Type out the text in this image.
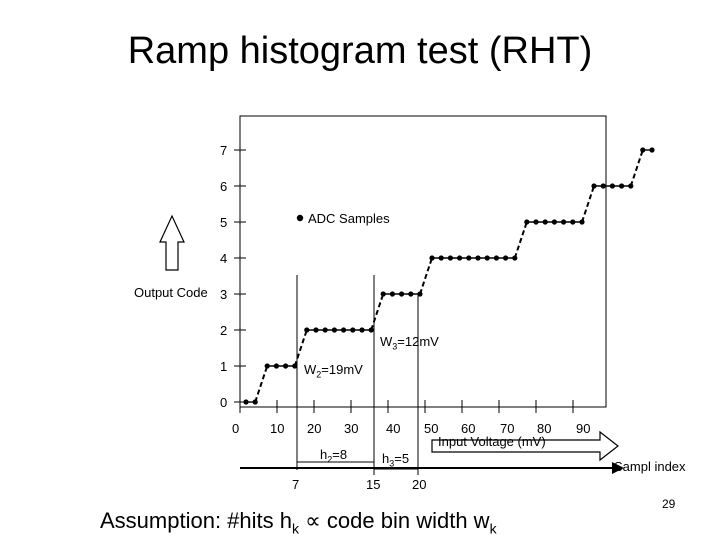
Ramp histogram test (RHT)
0
1
2
3
4
5
6
7
Output Code
0 10 20 30 40 50 60 70 80 90
Input Voltage (mV)
ADC Samples
$W_2=19mV$
$W_3=12mV$
$h_2=8$	$h_3=5$
7	15 20
Sampl index
Assumption: #hits $h_k$ ∝ code bin width $w_k$
29
